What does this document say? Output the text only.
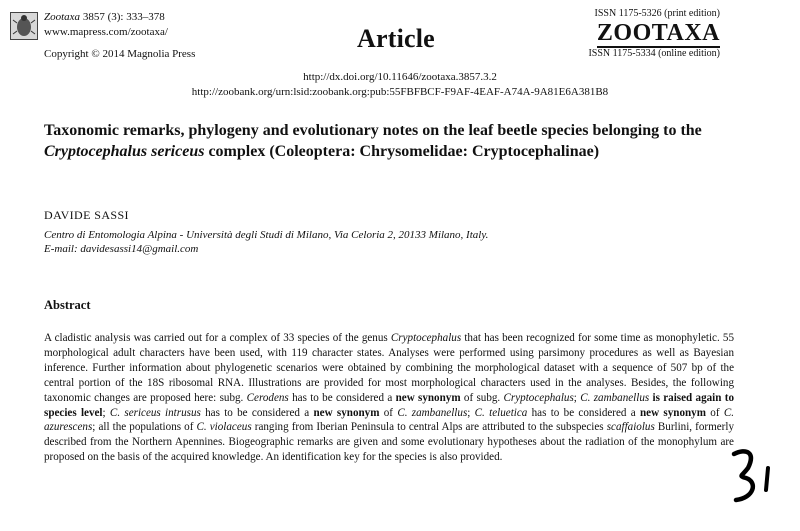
Zootaxa 3857 (3): 333–378
www.mapress.com/zootaxa/
Copyright © 2014 Magnolia Press
Article
ISSN 1175-5326 (print edition)
ZOOTAXA
ISSN 1175-5334 (online edition)
http://dx.doi.org/10.11646/zootaxa.3857.3.2
http://zoobank.org/urn:lsid:zoobank.org:pub:55FBFBCF-F9AF-4EAF-A74A-9A81E6A381B8
Taxonomic remarks, phylogeny and evolutionary notes on the leaf beetle species belonging to the Cryptocephalus sericeus complex (Coleoptera: Chrysomelidae: Cryptocephalinae)
DAVIDE SASSI
Centro di Entomologia Alpina - Università degli Studi di Milano, Via Celoria 2, 20133 Milano, Italy.
E-mail: davidesassi14@gmail.com
Abstract

A cladistic analysis was carried out for a complex of 33 species of the genus Cryptocephalus that has been recognized for some time as monophyletic. 55 morphological adult characters have been used, with 119 character states. Analyses were performed using parsimony procedures as well as Bayesian inference. Further information about phylogenetic scenarios were obtained by combining the morphological dataset with a sequence of 507 bp of the central portion of the 18S ribosomal RNA. Illustrations are provided for most morphological characters used in the analyses. Besides, the following taxonomic changes are proposed here: subg. Cerodens has to be considered a new synonym of subg. Cryptocephalus; C. zambanellus is raised again to species level; C. sericeus intrusus has to be considered a new synonym of C. zambanellus; C. teluetica has to be considered a new synonym of C. azurescens; all the populations of C. violaceus ranging from Iberian Peninsula to central Alps are attributed to the subspecies scaffaiolus Burlini, formerly described from the Northern Apennines. Biogeographic remarks are given and some evolutionary hypotheses about the radiation of the monophylum are proposed on the basis of the acquired knowledge. An identification key for the species is also provided.
